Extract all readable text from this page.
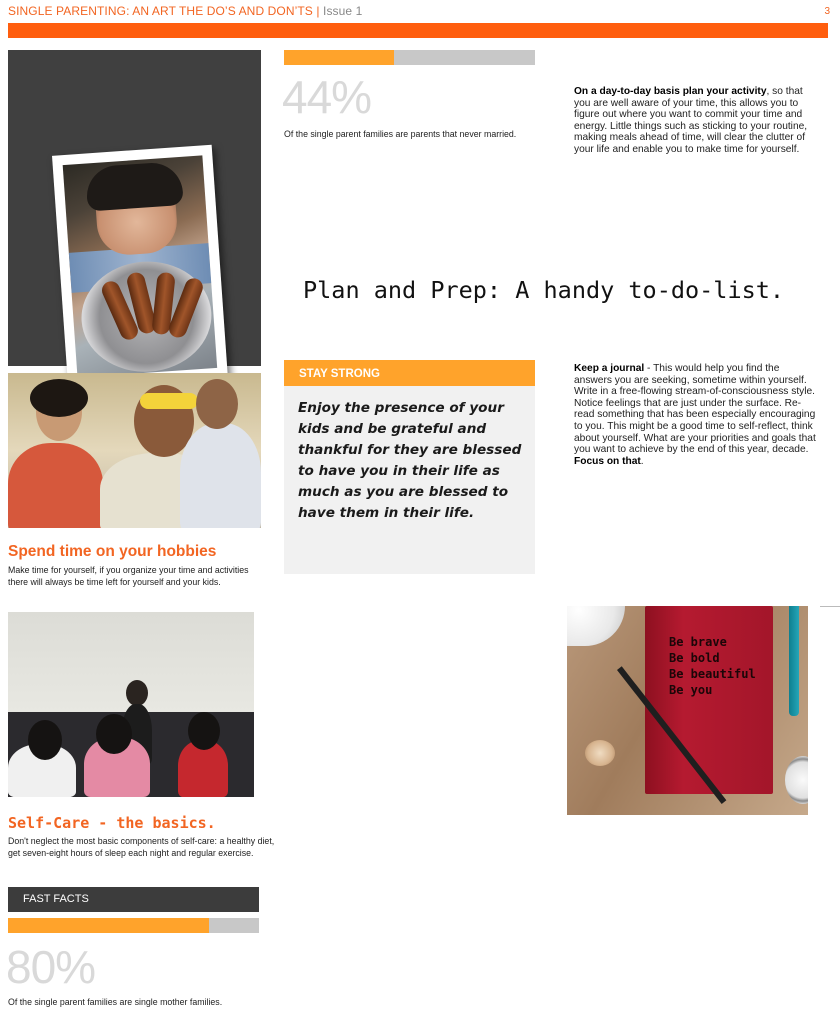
SINGLE PARENTING: AN ART THE DO’S AND DON’TS | Issue 1	3
Spend time on your hobbies
Make time for yourself, if you organize your time and activities there will always be time left for yourself and your kids.
Self-Care - the basics.
Don't neglect the most basic components of self-care: a healthy diet, get seven-eight hours of sleep each night and regular exercise.
FAST FACTS
80%
Of the single parent families are single mother families.
44%
Of the single parent families are parents that never married.
Plan and Prep: A handy to-do-list.
STAY STRONG
Enjoy the presence of your kids and be grateful and thankful for they are blessed to have you in their life as much as you are blessed to have them in their life.
On a day-to-day basis plan your activity, so that you are well aware of your time, this allows you to figure out where you want to commit your time and energy. Little things such as sticking to your routine, making meals ahead of time, will clear the clutter of your life and enable you to make time for yourself.
Keep a journal - This would help you find the answers you are seeking, sometime within yourself. Write in a free-flowing stream-of-consciousness style. Notice feelings that are just under the surface. Re-read something that has been especially encouraging to you. This might be a good time to self-reflect, think about yourself. What are your priorities and goals that you want to achieve by the end of this year, decade. Focus on that.
Be brave
Be bold
Be beautiful
Be you
